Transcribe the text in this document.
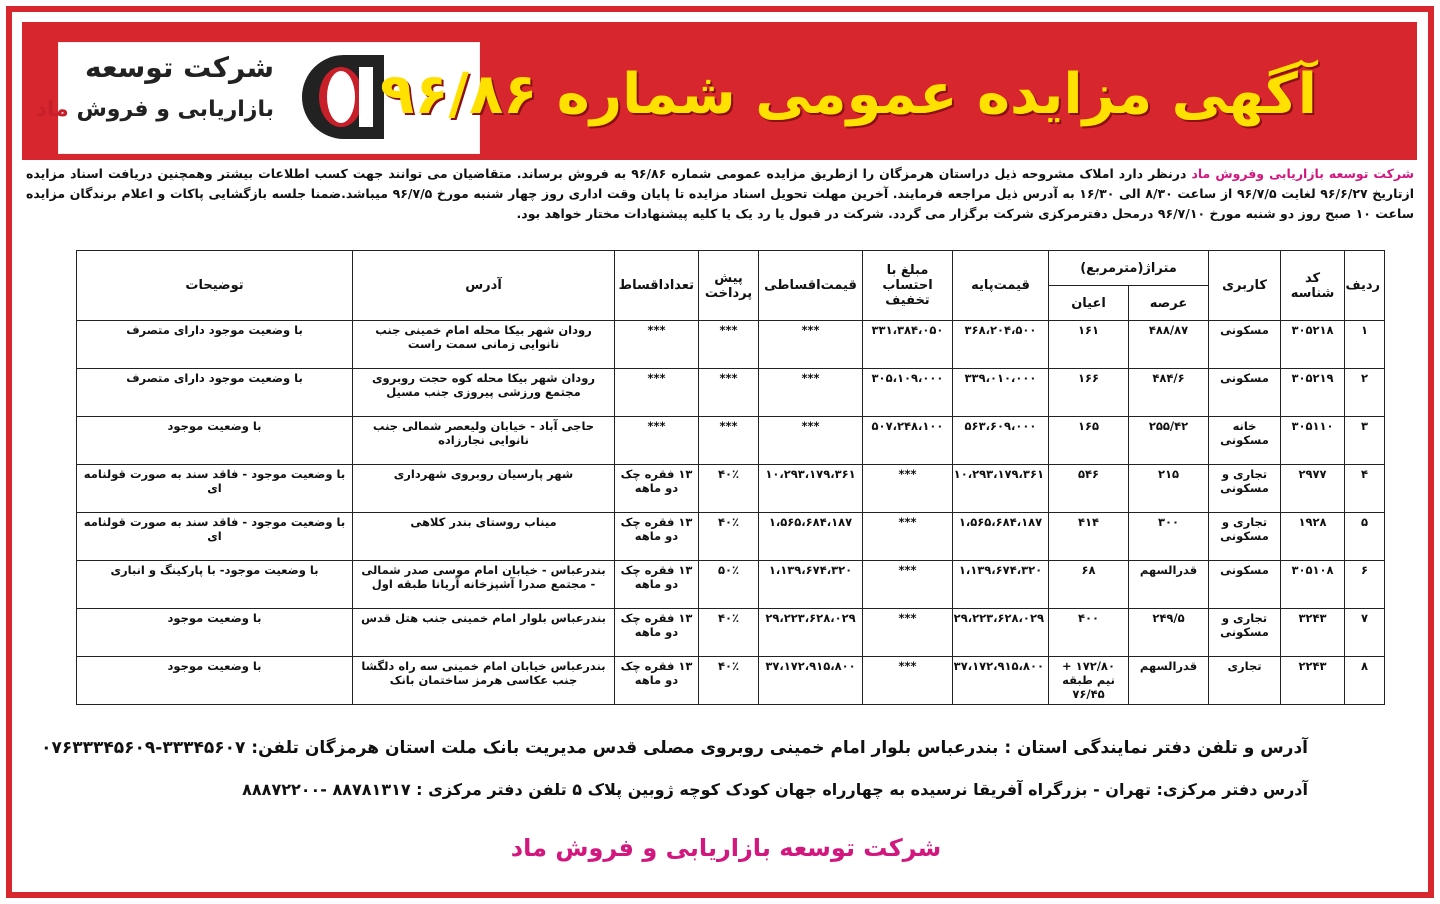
شرکت توسعه
بازاریابی و فروش ماد	آگهی مزایده عمومی شماره ۹۶/۸۶
شرکت توسعه بازاریابی وفروش ماد درنظر دارد املاک مشروحه ذیل دراستان هرمزگان را ازطریق مزایده عمومی شماره ۹۶/۸۶ به فروش برساند. متقاضیان می توانند جهت کسب اطلاعات بیشتر وهمچنین دریافت اسناد مزایده ازتاریخ ۹۶/۶/۲۷ لغایت ۹۶/۷/۵ از ساعت ۸/۳۰ الی ۱۶/۳۰ به آدرس ذیل مراجعه فرمایند. آخرین مهلت تحویل اسناد مزایده تا پایان وقت اداری روز چهار شنبه مورخ ۹۶/۷/۵ میباشد.ضمنا جلسه بازگشایی پاکات و اعلام برندگان مزایده ساعت ۱۰ صبح روز دو شنبه مورخ ۹۶/۷/۱۰ درمحل دفترمرکزی شرکت برگزار می گردد. شرکت در قبول یا رد یک یا کلیه پیشنهادات مختار خواهد بود.
ردیف	کد شناسه	کاربری	متراژ(مترمربع)		قیمت‌پایه	مبلغ با احتساب تخفیف	قیمت‌اقساطی	پیش پرداخت	تعداداقساط	آدرس	توضیحات
			عرصه	اعیان							
۱	۳۰۵۲۱۸	مسکونی	۴۸۸/۸۷	۱۶۱	۳۶۸،۲۰۴،۵۰۰	۳۳۱،۳۸۴،۰۵۰	***	***	***	رودان شهر بیکا محله امام خمینی جنب نانوایی زمانی سمت راست	با وضعیت موجود دارای متصرف
۲	۳۰۵۲۱۹	مسکونی	۴۸۴/۶	۱۶۶	۳۳۹،۰۱۰،۰۰۰	۳۰۵،۱۰۹،۰۰۰	***	***	***	رودان شهر بیکا محله کوه حجت روبروی مجتمع ورزشی پیروزی جنب مسیل	با وضعیت موجود دارای متصرف
۳	۳۰۵۱۱۰	خانه مسکونی	۲۵۵/۴۲	۱۶۵	۵۶۳،۶۰۹،۰۰۰	۵۰۷،۲۴۸،۱۰۰	***	***	***	حاجی آباد - خیابان ولیعصر شمالی جنب نانوایی نجارزاده	با وضعیت موجود
۴	۲۹۷۷	تجاری و مسکونی	۲۱۵	۵۴۶	۱۰،۲۹۳،۱۷۹،۳۶۱	***	۱۰،۲۹۳،۱۷۹،۳۶۱	۴۰٪	۱۳ فقره چک دو ماهه	شهر پارسیان روبروی شهرداری	با وضعیت موجود - فاقد سند به صورت قولنامه ای
۵	۱۹۲۸	تجاری و مسکونی	۳۰۰	۴۱۴	۱،۵۶۵،۶۸۴،۱۸۷	***	۱،۵۶۵،۶۸۴،۱۸۷	۴۰٪	۱۳ فقره چک دو ماهه	میناب روستای بندر کلاهی	با وضعیت موجود - فاقد سند به صورت قولنامه ای
۶	۳۰۵۱۰۸	مسکونی	قدرالسهم	۶۸	۱،۱۳۹،۶۷۴،۳۲۰	***	۱،۱۳۹،۶۷۴،۳۲۰	۵۰٪	۱۳ فقره چک دو ماهه	بندرعباس - خیابان امام موسی صدر شمالی - مجتمع صدرا آشپزخانه آریانا طبقه اول	با وضعیت موجود- با پارکینگ و انباری
۷	۳۲۴۳	تجاری و مسکونی	۲۴۹/۵	۴۰۰	۲۹،۲۲۳،۶۲۸،۰۲۹	***	۲۹،۲۲۳،۶۲۸،۰۲۹	۴۰٪	۱۳ فقره چک دو ماهه	بندرعباس بلوار امام خمینی جنب هتل قدس	با وضعیت موجود
۸	۲۲۴۳	تجاری	قدرالسهم	۱۷۲/۸۰ + نیم طبقه ۷۶/۴۵	۳۷،۱۷۲،۹۱۵،۸۰۰	***	۳۷،۱۷۲،۹۱۵،۸۰۰	۴۰٪	۱۳ فقره چک دو ماهه	بندرعباس خیابان امام خمینی سه راه دلگشا جنب عکاسی هرمز ساختمان بانک	با وضعیت موجود
آدرس و تلفن دفتر نمایندگی استان : بندرعباس بلوار امام خمینی روبروی مصلی قدس مدیریت بانک ملت استان هرمزگان تلفن: ۳۳۳۴۵۶۰۷-۰۷۶۳۳۳۴۵۶۰۹
آدرس دفتر مرکزی: تهران - بزرگراه آفریقا نرسیده به چهارراه جهان کودک کوچه ژوبین پلاک ۵ تلفن دفتر مرکزی : ۸۸۷۸۱۳۱۷ -۸۸۸۷۲۲۰۰
شرکت توسعه بازاریابی و فروش ماد
